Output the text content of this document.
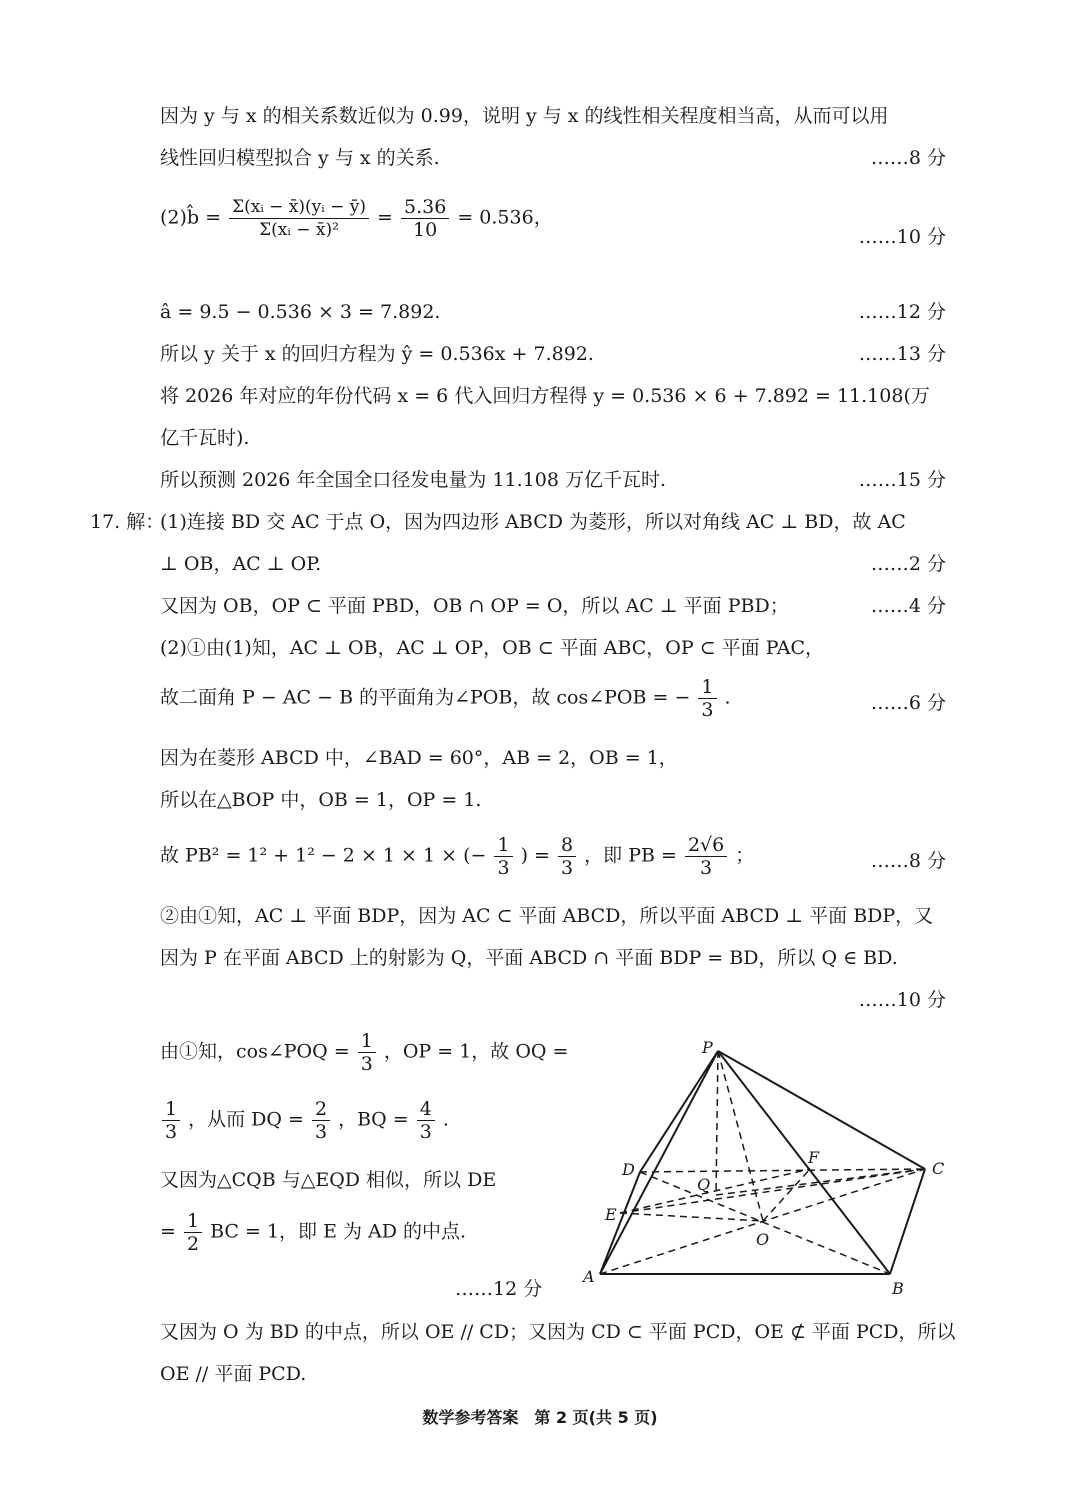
因为 y 与 x 的相关系数近似为 0.99，说明 y 与 x 的线性相关程度相当高，从而可以用
线性回归模型拟合 y 与 x 的关系.	……8 分
(2)b̂ = $\frac{\text{Σ(xᵢ − x̄)(yᵢ − ȳ)}}{\text{Σ(xᵢ − x̄)²}} = \frac{5.36}{10} = 0.536$，
……10 分
â = 9.5 − 0.536 × 3 = 7.892.	……12 分
所以 y 关于 x 的回归方程为 ŷ = 0.536x + 7.892.	……13 分
将 2026 年对应的年份代码 x = 6 代入回归方程得 y = 0.536 × 6 + 7.892 = 11.108(万
亿千瓦时).
所以预测 2026 年全国全口径发电量为 11.108 万亿千瓦时.	……15 分
17. 解：
(1)连接 BD 交 AC 于点 O，因为四边形 ABCD 为菱形，所以对角线 AC ⊥ BD，故 AC
⊥ OB，AC ⊥ OP.	……2 分
又因为 OB，OP ⊂ 平面 PBD，OB ∩ OP = O，所以 AC ⊥ 平面 PBD；	……4 分
(2)①由(1)知，AC ⊥ OB，AC ⊥ OP，OB ⊂ 平面 ABC，OP ⊂ 平面 PAC，
故二面角 P − AC − B 的平面角为∠POB，故 cos∠POB = − $\frac{1}{3}$ .	……6 分
因为在菱形 ABCD 中，∠BAD = 60°，AB = 2，OB = 1，
所以在△BOP 中，OB = 1，OP = 1.
故 PB² = 1² + 1² − 2 × 1 × 1 × (− $\frac{1}{3}$ ) = $\frac{8}{3}$ ，即 PB = $\frac{2√6}{3}$ ；	……8 分
②由①知，AC ⊥ 平面 BDP，因为 AC ⊂ 平面 ABCD，所以平面 ABCD ⊥ 平面 BDP，又
因为 P 在平面 ABCD 上的射影为 Q，平面 ABCD ∩ 平面 BDP = BD，所以 Q ∈ BD.
……10 分
由①知，cos∠POQ = $\frac{1}{3}$ ，OP = 1，故 OQ =
$\frac{1}{3}$ ，从而 DQ = $\frac{2}{3}$ ，BQ = $\frac{4}{3}$ .
又因为△CQB 与△EQD 相似，所以 DE
= $\frac{1}{2}$ BC = 1，即 E 为 AD 的中点.
……12 分
P
D	C
F
Q
E
O
A
B
又因为 O 为 BD 的中点，所以 OE // CD；又因为 CD ⊂ 平面 PCD，OE ⊄ 平面 PCD，所以
OE // 平面 PCD.
数学参考答案　第 2 页(共 5 页)
